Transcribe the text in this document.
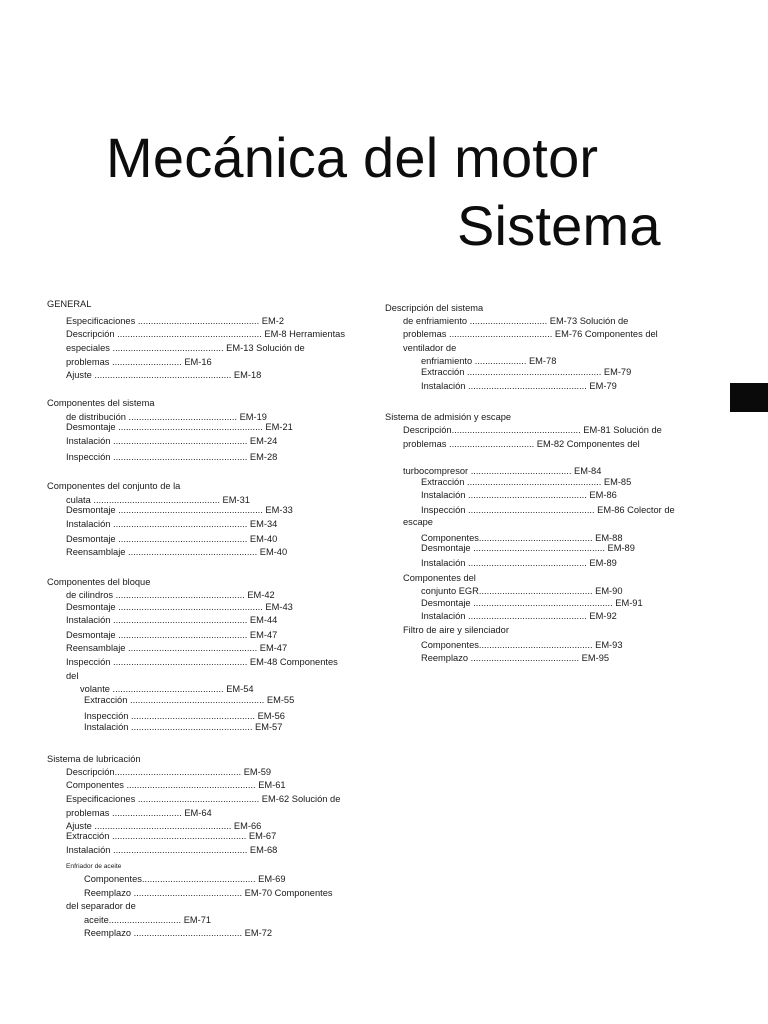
Mecánica del motor
Sistema
GENERAL
Especificaciones ............................................... EM-2
Descripción ........................................................ EM-8 Herramientas
especiales ........................................... EM-13 Solución de
problemas ........................... EM-16
Ajuste ..................................................... EM-18
Componentes del sistema
de distribución .......................................... EM-19
Desmontaje ........................................................ EM-21
Instalación .................................................... EM-24
Inspección .................................................... EM-28
Componentes del conjunto de la
culata ................................................. EM-31
Desmontaje ........................................................ EM-33
Instalación .................................................... EM-34
Desmontaje .................................................. EM-40
Reensamblaje .................................................. EM-40
Componentes del bloque
de cilindros .................................................. EM-42
Desmontaje ........................................................ EM-43
Instalación .................................................... EM-44
Desmontaje .................................................. EM-47
Reensamblaje .................................................. EM-47
Inspección .................................................... EM-48 Componentes
del
volante ........................................... EM-54
Extracción .................................................... EM-55
Inspección ................................................ EM-56
Instalación ............................................... EM-57
Sistema de lubricación
Descripción................................................. EM-59
Componentes .................................................. EM-61
Especificaciones ............................................... EM-62 Solución de
problemas ........................... EM-64
Ajuste ..................................................... EM-66
Extracción .................................................... EM-67
Instalación .................................................... EM-68
Enfriador de aceite
Componentes............................................ EM-69
Reemplazo .......................................... EM-70 Componentes
del separador de
aceite............................ EM-71
Reemplazo .......................................... EM-72
Descripción del sistema
de enfriamiento .............................. EM-73 Solución de
problemas ........................................ EM-76 Componentes del
ventilador de
enfriamiento .................... EM-78
Extracción .................................................... EM-79
Instalación .............................................. EM-79
Sistema de admisión y escape
Descripción.................................................. EM-81 Solución de
problemas ................................. EM-82 Componentes del
turbocompresor ....................................... EM-84
Extracción .................................................... EM-85
Instalación .............................................. EM-86
Inspección ................................................. EM-86 Colector de
escape
Componentes............................................ EM-88
Desmontaje ................................................... EM-89
Instalación .............................................. EM-89
Componentes del
conjunto EGR............................................ EM-90
Desmontaje ...................................................... EM-91
Instalación .............................................. EM-92
Filtro de aire y silenciador
Componentes............................................ EM-93
Reemplazo .......................................... EM-95
